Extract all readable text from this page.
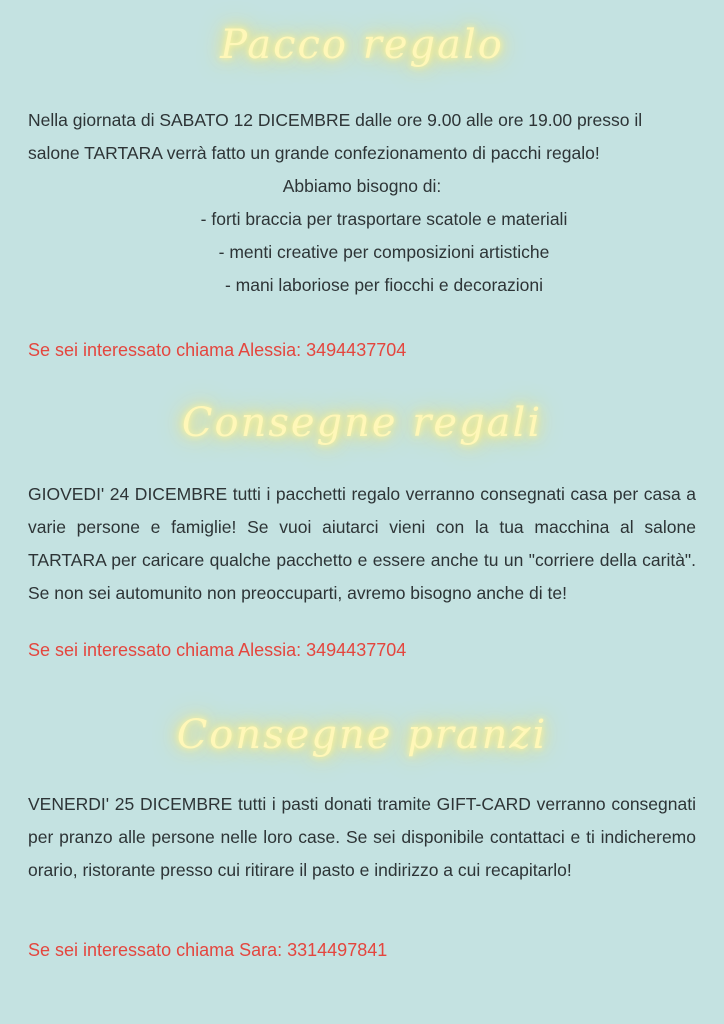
Pacco regalo
Nella giornata di SABATO 12 DICEMBRE dalle ore 9.00 alle ore 19.00 presso il
salone TARTARA verrà fatto un grande confezionamento di pacchi regalo!
Abbiamo bisogno di:
- forti braccia per trasportare scatole e materiali
- menti creative per composizioni artistiche
- mani laboriose per fiocchi e decorazioni

Se sei interessato chiama Alessia: 3494437704

Consegne regali

GIOVEDI' 24 DICEMBRE tutti i pacchetti regalo verranno consegnati casa per casa a varie persone e famiglie! Se vuoi aiutarci vieni con la tua macchina al salone TARTARA per caricare qualche pacchetto e essere anche tu un "corriere della carità". Se non sei automunito non preoccuparti, avremo bisogno anche di te!

Se sei interessato chiama Alessia: 3494437704

Consegne pranzi

VENERDI' 25 DICEMBRE tutti i pasti donati tramite GIFT-CARD verranno consegnati per pranzo alle persone nelle loro case. Se sei disponibile contattaci e ti indicheremo orario, ristorante presso cui ritirare il pasto e indirizzo a cui recapitarlo!

Se sei interessato chiama Sara: 3314497841
